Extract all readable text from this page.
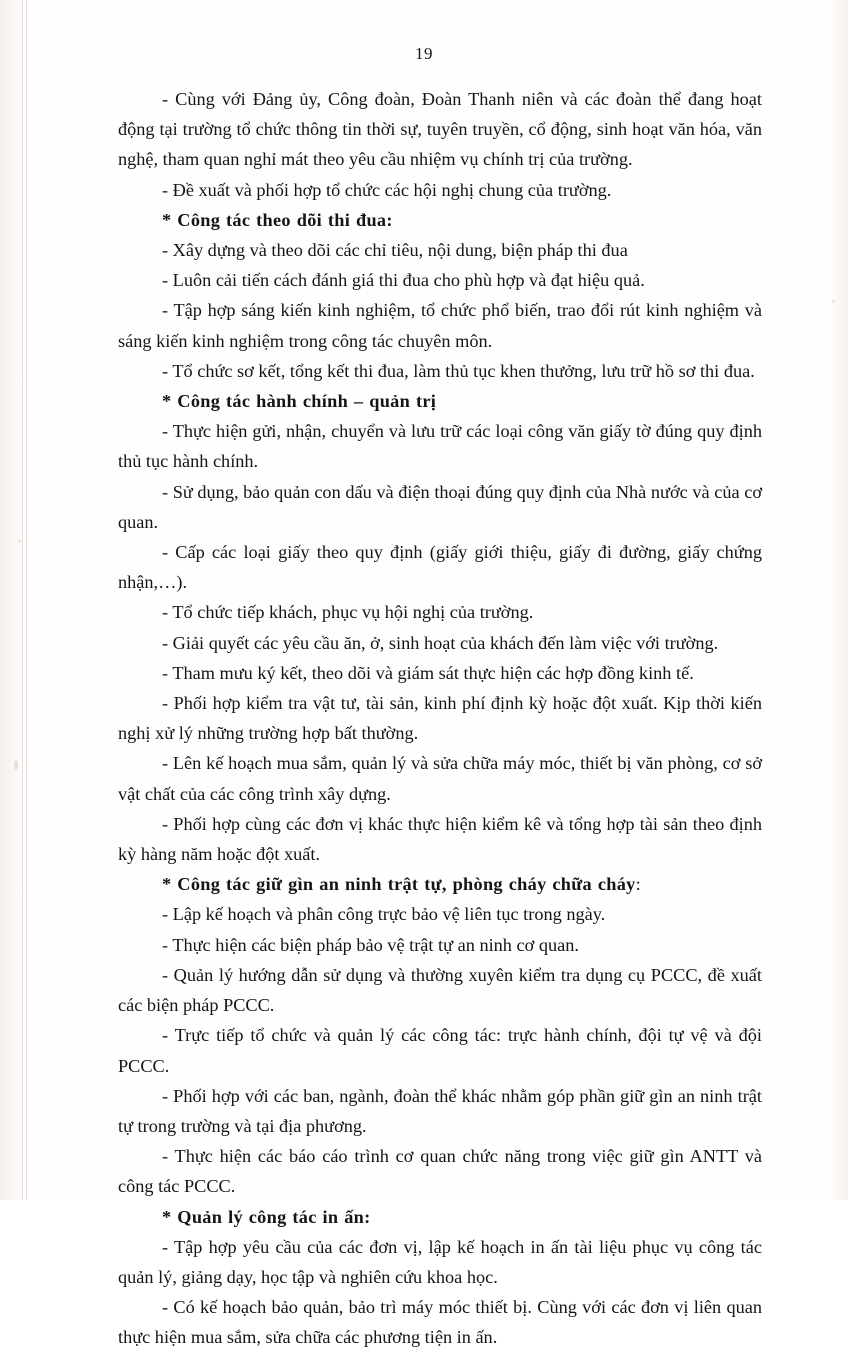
19

- Cùng với Đảng ủy, Công đoàn, Đoàn Thanh niên và các đoàn thể đang hoạt động tại trường tổ chức thông tin thời sự, tuyên truyền, cổ động, sinh hoạt văn hóa, văn nghệ, tham quan nghỉ mát theo yêu cầu nhiệm vụ chính trị của trường.

- Đề xuất và phối hợp tổ chức các hội nghị chung của trường.

* Công tác theo dõi thi đua:

- Xây dựng và theo dõi các chỉ tiêu, nội dung, biện pháp thi đua

- Luôn cải tiến cách đánh giá thi đua cho phù hợp và đạt hiệu quả.

- Tập hợp sáng kiến kinh nghiệm, tổ chức phổ biến, trao đổi rút kinh nghiệm và sáng kiến kinh nghiệm trong công tác chuyên môn.

- Tổ chức sơ kết, tổng kết thi đua, làm thủ tục khen thưởng, lưu trữ hồ sơ thi đua.

* Công tác hành chính – quản trị

- Thực hiện gửi, nhận, chuyển và lưu trữ các loại công văn giấy tờ đúng quy định thủ tục hành chính.

- Sử dụng, bảo quản con dấu và điện thoại đúng quy định của Nhà nước và của cơ quan.

- Cấp các loại giấy theo quy định (giấy giới thiệu, giấy đi đường, giấy chứng nhận,…).

- Tổ chức tiếp khách, phục vụ hội nghị của trường.

- Giải quyết các yêu cầu ăn, ở, sinh hoạt của khách đến làm việc với trường.

- Tham mưu ký kết, theo dõi và giám sát thực hiện các hợp đồng kinh tế.

- Phối hợp kiểm tra vật tư, tài sản, kinh phí định kỳ hoặc đột xuất. Kịp thời kiến nghị xử lý những trường hợp bất thường.

- Lên kế hoạch mua sắm, quản lý và sửa chữa máy móc, thiết bị văn phòng, cơ sở vật chất của các công trình xây dựng.

- Phối hợp cùng các đơn vị khác thực hiện kiểm kê và tổng hợp tài sản theo định kỳ hàng năm hoặc đột xuất.

* Công tác giữ gìn an ninh trật tự, phòng cháy chữa cháy:

- Lập kế hoạch và phân công trực bảo vệ liên tục trong ngày.

- Thực hiện các biện pháp bảo vệ trật tự an ninh cơ quan.

- Quản lý hướng dẫn sử dụng và thường xuyên kiểm tra dụng cụ PCCC, đề xuất các biện pháp PCCC.

- Trực tiếp tổ chức và quản lý các công tác: trực hành chính, đội tự vệ và đội PCCC.

- Phối hợp với các ban, ngành, đoàn thể khác nhằm góp phần giữ gìn an ninh trật tự trong trường và tại địa phương.

- Thực hiện các báo cáo trình cơ quan chức năng trong việc giữ gìn ANTT và công tác PCCC.

* Quản lý công tác in ấn:

- Tập hợp yêu cầu của các đơn vị, lập kế hoạch in ấn tài liệu phục vụ công tác quản lý, giảng dạy, học tập và nghiên cứu khoa học.

- Có kế hoạch bảo quản, bảo trì máy móc thiết bị. Cùng với các đơn vị liên quan thực hiện mua sắm, sửa chữa các phương tiện in ấn.
